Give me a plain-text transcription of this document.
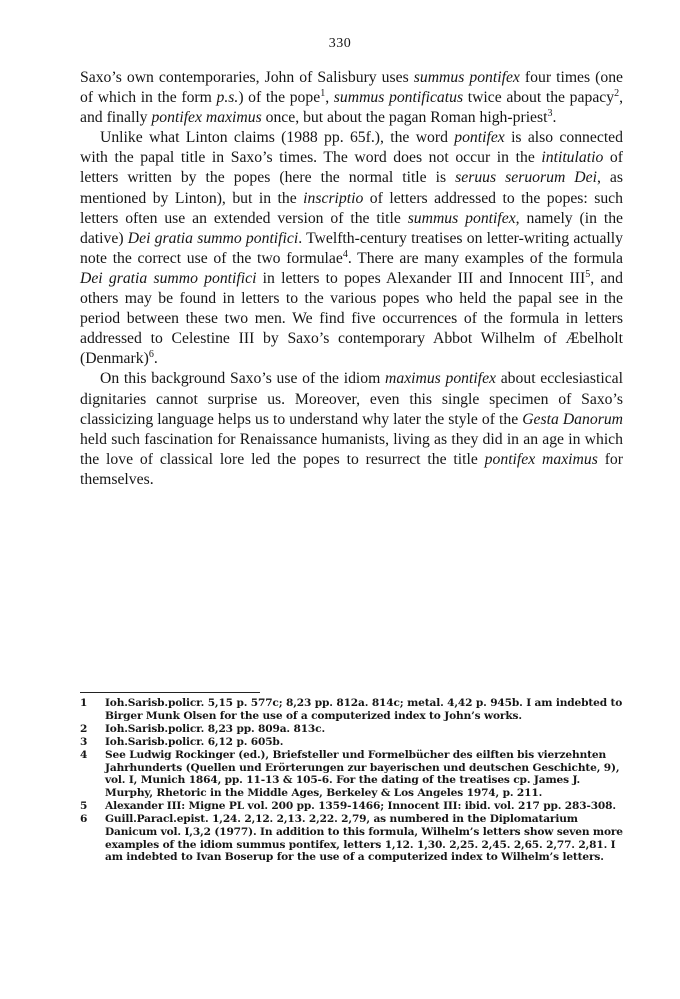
330

Saxo’s own contemporaries, John of Salisbury uses summus pontifex four times (one of which in the form p.s.) of the pope$^1$, summus pontificatus twice about the papacy$^2$, and finally pontifex maximus once, but about the pagan Roman high-priest$^3$.

Unlike what Linton claims (1988 pp. 65f.), the word pontifex is also connected with the papal title in Saxo’s times. The word does not occur in the intitulatio of letters written by the popes (here the normal title is seruus seruorum Dei, as mentioned by Linton), but in the inscriptio of letters addressed to the popes: such letters often use an extended version of the title summus pontifex, namely (in the dative) Dei gratia summo pontifici. Twelfth-century treatises on letter-writing actually note the correct use of the two formulae$^4$. There are many examples of the formula Dei gratia summo pontifici in letters to popes Alexander III and Innocent III$^5$, and others may be found in letters to the various popes who held the papal see in the period between these two men. We find five occurrences of the formula in letters addressed to Celestine III by Saxo’s contemporary Abbot Wilhelm of Æbelholt (Denmark)$^6$.

On this background Saxo’s use of the idiom maximus pontifex about ecclesiastical dignitaries cannot surprise us. Moreover, even this single specimen of Saxo’s classicizing language helps us to understand why later the style of the Gesta Danorum held such fascination for Renaissance humanists, living as they did in an age in which the love of classical lore led the popes to resurrect the title pontifex maximus for themselves.

1	Ioh.Sarisb.policr. 5,15 p. 577c; 8,23 pp. 812a. 814c; metal. 4,42 p. 945b. I am indebted to Birger Munk Olsen for the use of a computerized index to John’s works.
2	Ioh.Sarisb.policr. 8,23 pp. 809a. 813c.
3	Ioh.Sarisb.policr. 6,12 p. 605b.
4	See Ludwig Rockinger (ed.), Briefsteller und Formelbücher des eilften bis vierzehnten Jahrhunderts (Quellen und Erörterungen zur bayerischen und deutschen Geschichte, 9), vol. I, Munich 1864, pp. 11-13 & 105-6. For the dating of the treatises cp. James J. Murphy, Rhetoric in the Middle Ages, Berkeley & Los Angeles 1974, p. 211.
5	Alexander III: Migne PL vol. 200 pp. 1359-1466; Innocent III: ibid. vol. 217 pp. 283-308.
6	Guill.Paracl.epist. 1,24. 2,12. 2,13. 2,22. 2,79, as numbered in the Diplomatarium Danicum vol. I,3,2 (1977). In addition to this formula, Wilhelm’s letters show seven more examples of the idiom summus pontifex, letters 1,12. 1,30. 2,25. 2,45. 2,65. 2,77. 2,81. I am indebted to Ivan Boserup for the use of a computerized index to Wilhelm’s letters.
